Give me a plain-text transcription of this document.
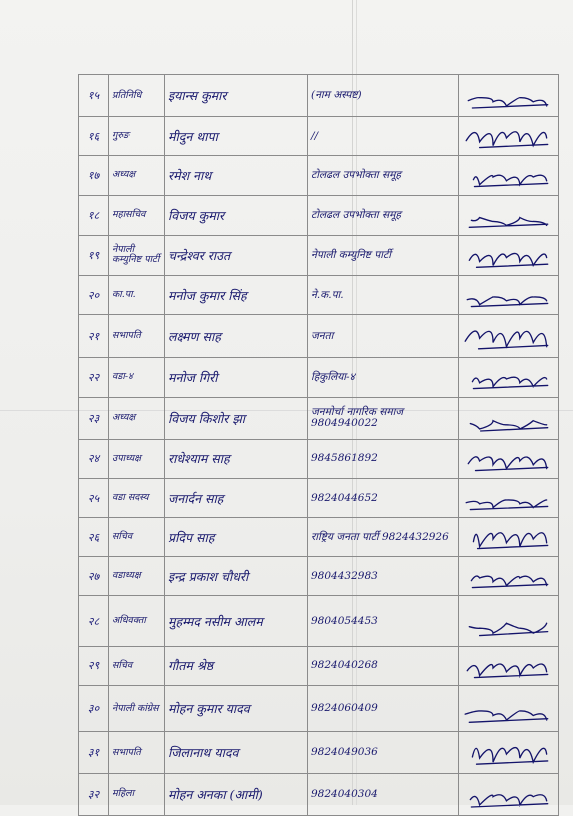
१५	प्रतिनिधि	इयान्स कुमार	(नाम अस्पष्ट)	

१६	गुरुङ	मीदुन थापा	//	

१७	अध्यक्ष	रमेश नाथ	टोलढल उपभोक्ता समूह	

१८	महासचिव	विजय कुमार	टोलढल उपभोक्ता समूह	

१९	नेपाली कम्युनिष्ट पार्टी	चन्द्रेश्वर राउत	नेपाली कम्युनिष्ट पार्टी	

२०	का.पा.	मनोज कुमार सिंह	ने.क.पा.	

२१	सभापति	लक्ष्मण साह	जनता	

२२	वडा-४	मनोज गिरी	हिकुलिया-४	

२३	अध्यक्ष	विजय किशोर झा	जनमोर्चा नागरिक समाज 9804940022	

२४	उपाध्यक्ष	राधेश्याम साह	9845861892	

२५	वडा सदस्य	जनार्दन साह	9824044652	

२६	सचिव	प्रदिप साह	राष्ट्रिय जनता पार्टी 9824432926	

२७	वडाध्यक्ष	इन्द्र प्रकाश चौधरी	9804432983	

२८	अधिवक्ता	मुहम्मद नसीम आलम	9804054453	

२९	सचिव	गौतम श्रेष्ठ	9824040268	

३०	नेपाली कांग्रेस	मोहन कुमार यादव	9824060409	

३१	सभापति	जिलानाथ यादव	9824049036	

३२	महिला	मोहन अनका (आमी)	9824040304	
